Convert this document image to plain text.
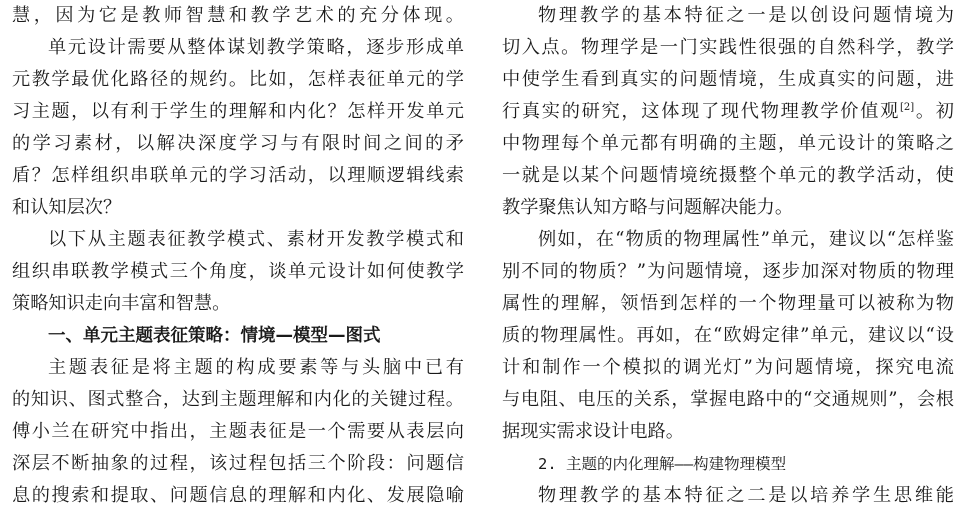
慧，因为它是教师智慧和教学艺术的充分体现。
单元设计需要从整体谋划教学策略，逐步形成单
元教学最优化路径的规约。比如，怎样表征单元的学
习主题，以有利于学生的理解和内化？怎样开发单元
的学习素材，以解决深度学习与有限时间之间的矛
盾？怎样组织串联单元的学习活动，以理顺逻辑线索
和认知层次？
以下从主题表征教学模式、素材开发教学模式和
组织串联教学模式三个角度，谈单元设计如何使教学
策略知识走向丰富和智慧。
一、单元主题表征策略：情境—模型—图式
主题表征是将主题的构成要素等与头脑中已有
的知识、图式整合，达到主题理解和内化的关键过程。
傅小兰在研究中指出，主题表征是一个需要从表层向
深层不断抽象的过程，该过程包括三个阶段：问题信
息的搜索和提取、问题信息的理解和内化、发展隐喻
物理教学的基本特征之一是以创设问题情境为
切入点。物理学是一门实践性很强的自然科学，教学
中使学生看到真实的问题情境，生成真实的问题，进
行真实的研究，这体现了现代物理教学价值观[2]。初
中物理每个单元都有明确的主题，单元设计的策略之
一就是以某个问题情境统摄整个单元的教学活动，使
教学聚焦认知方略与问题解决能力。
例如，在“物质的物理属性”单元，建议以“怎样鉴
别不同的物质？”为问题情境，逐步加深对物质的物理
属性的理解，领悟到怎样的一个物理量可以被称为物
质的物理属性。再如，在“欧姆定律”单元，建议以“设
计和制作一个模拟的调光灯”为问题情境，探究电流
与电阻、电压的关系，掌握电路中的“交通规则”，会根
据现实需求设计电路。
2. 主题的内化理解——构建物理模型
物理教学的基本特征之二是以培养学生思维能
